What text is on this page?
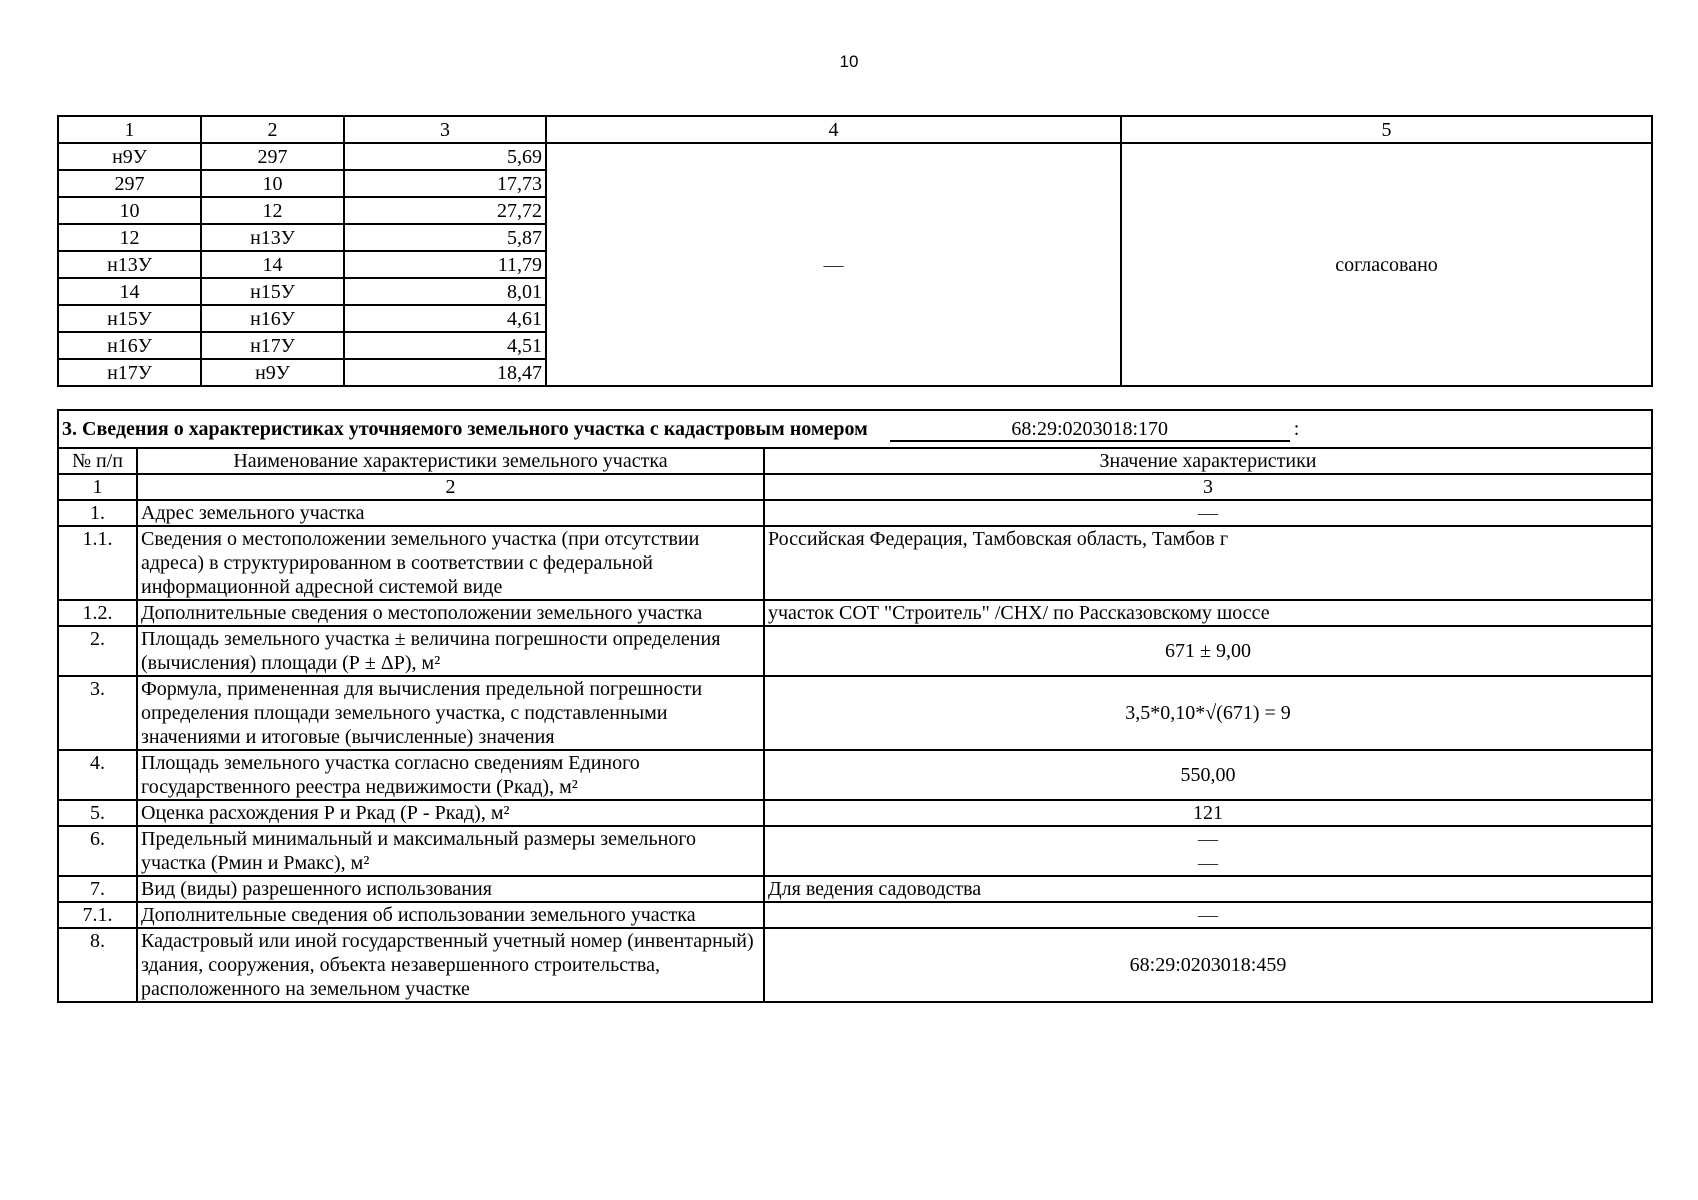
10
1	2	3	4	5
н9У	297	5,69	—	согласовано
297	10	17,73		
10	12	27,72		
12	н13У	5,87		
н13У	14	11,79		
14	н15У	8,01		
н15У	н16У	4,61		
н16У	н17У	4,51		
н17У	н9У	18,47		
3. Сведения о характеристиках уточняемого земельного участка с кадастровым номером 68:29:0203018:170 :		
№ п/п	Наименование характеристики земельного участка	Значение характеристики
1	2	3
1.	Адрес земельного участка	—
1.1.	Сведения о местоположении земельного участка (при отсутствии адреса) в структурированном в соответствии с федеральной информационной адресной системой виде	Российская Федерация, Тамбовская область, Тамбов г
1.2.	Дополнительные сведения о местоположении земельного участка	участок СОТ "Строитель" /СНХ/ по Рассказовскому шоссе
2.	Площадь земельного участка ± величина погрешности определения (вычисления) площади (Р ± ΔР), м²	671 ± 9,00
3.	Формула, примененная для вычисления предельной погрешности определения площади земельного участка, с подставленными значениями и итоговые (вычисленные) значения	3,5*0,10*√(671) = 9
4.	Площадь земельного участка согласно сведениям Единого государственного реестра недвижимости (Ркад), м²	550,00
5.	Оценка расхождения Р и Ркад (Р - Ркад), м²	121
6.	Предельный минимальный и максимальный размеры земельного участка (Рмин и Рмакс), м²	—
—

7.	Вид (виды) разрешенного использования	Для ведения садоводства
7.1.	Дополнительные сведения об использовании земельного участка	—
8.	Кадастровый или иной государственный учетный номер (инвентарный) здания, сооружения, объекта незавершенного строительства, расположенного на земельном участке	68:29:0203018:459
